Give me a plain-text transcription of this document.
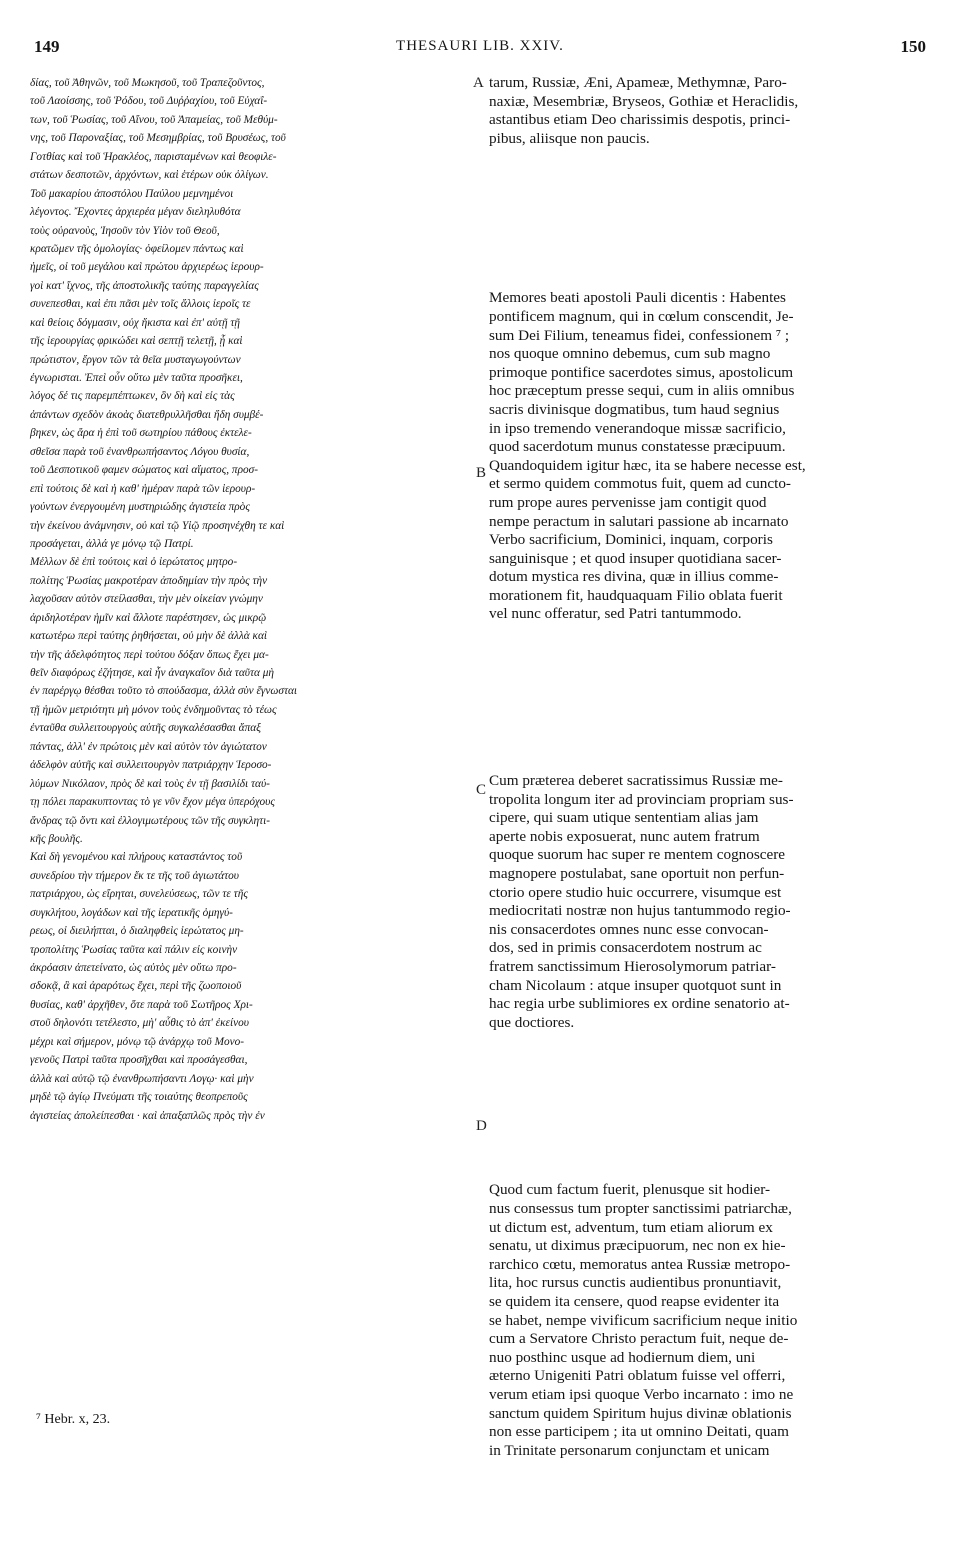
149	THESAURI LIB. XXIV.	150
δίας, τοῦ Ἀθηνῶν, τοῦ Μωκησοῦ, τοῦ Τραπεζοῦντος,
τοῦ Λαοίσσης, τοῦ Ῥόδου, τοῦ Δυῤῥαχίου, τοῦ Εὐχαΐ-
των, τοῦ Ῥωσίας, τοῦ Αἴνου, τοῦ Ἀπαμείας, τοῦ Μεθύμ-
νης, τοῦ Παροναξίας, τοῦ Μεσημβρίας, τοῦ Βρυσέως, τοῦ
Γοτθίας καὶ τοῦ Ἡρακλέος, παρισταμένων καὶ θεοφιλε-
στάτων δεσποτῶν, ἀρχόντων, καὶ ἑτέρων οὐκ ὀλίγων.
Τοῦ μακαρίου ἀποστόλου Παύλου μεμνημένοι
λέγοντος. Ἔχοντες ἀρχιερέα μέγαν διεληλυθότα
τοὺς οὐρανοὺς, Ἰησοῦν τὸν Υἱὸν τοῦ Θεοῦ,
κρατῶμεν τῆς ὁμολογίας· ὀφείλομεν πάντως καὶ
ἡμεῖς, οἱ τοῦ μεγάλου καὶ πρώτου ἀρχιερέως ἱερουρ-
γοὶ κατ' ἴχνος, τῆς ἀποστολικῆς ταύτης παραγγελίας
συνεπεσθαι, καὶ ἐπι πᾶσι μὲν τοῖς ἄλλοις ἱεροῖς τε
καὶ θείοις δόγμασιν, οὐχ ἥκιστα καὶ ἐπ' αὐτῇ τῇ
τῆς ἱερουργίας φρικώδει καὶ σεπτῇ τελετῇ, ᾗ καὶ
πρώτιστον, ἔργον τῶν τὰ θεῖα μυσταγωγούντων
ἐγνωρισται. Ἐπεὶ οὖν οὕτω μὲν ταῦτα προσῆκει,
λόγος δέ τις παρεμπέπτωκεν, ὃν δὴ καὶ εἰς τὰς
ἁπάντων σχεδὸν ἀκοὰς διατεθρυλλῆσθαι ἤδη συμβέ-
βηκεν, ὡς ἄρα ἡ ἐπὶ τοῦ σωτηρίου πάθους ἐκτελε-
σθεῖσα παρὰ τοῦ ἐνανθρωπήσαντος Λόγου θυσία,
τοῦ Δεσποτικοῦ φαμεν σώματος καὶ αἵματος, προσ-
επὶ τούτοις δὲ καὶ ἡ καθ' ἡμέραν παρὰ τῶν ἱερουρ-
γούντων ἐνεργουμένη μυστηριώδης ἁγιστεία πρὸς
τὴν ἐκείνου ἀνάμνησιν, οὐ καὶ τῷ Υἱῷ προσηνέχθη τε καὶ
προσάγεται, ἀλλά γε μόνῳ τῷ Πατρί.
Μέλλων δὲ ἐπὶ τούτοις καὶ ὁ ἱερώτατος μητρο-
πολίτης Ῥωσίας μακροτέραν ἀποδημίαν τὴν πρὸς τὴν
λαχοῦσαν αὐτὸν στείλασθαι, τὴν μὲν οἰκείαν γνώμην
ἀριδηλοτέραν ἡμῖν καὶ ἄλλοτε παρέστησεν, ὡς μικρῷ
κατωτέρω περὶ ταύτης ῥηθήσεται, οὐ μὴν δὲ ἀλλὰ καὶ
τὴν τῆς ἀδελφότητος περὶ τούτου δόξαν ὅπως ἔχει μα-
θεῖν διαφόρως ἐζήτησε, καὶ ἦν ἀναγκαῖον διὰ ταῦτα μὴ
ἐν παρέργῳ θέσθαι τοῦτο τὸ σπούδασμα, ἀλλὰ σὺν ἔγνωσται
τῇ ἡμῶν μετριότητι μὴ μόνον τοὺς ἐνδημοῦντας τὸ τέως
ἐνταῦθα συλλειτουργοὺς αὐτῆς συγκαλέσασθαι ἅπαξ
πάντας, ἀλλ' ἐν πρώτοις μὲν καὶ αὐτὸν τὸν ἁγιώτατον
ἀδελφὸν αὐτῆς καὶ συλλειτουργὸν πατριάρχην Ἱεροσο-
λύμων Νικόλαον, πρὸς δὲ καὶ τοὺς ἐν τῇ βασιλίδι ταύ-
τῃ πόλει παρακυπτοντας τὸ γε νῦν ἔχον μέγα ὑπερόχους
ἄνδρας τῷ ὄντι καὶ ἐλλογιμωτέρους τῶν τῆς συγκλητι-
κῆς βουλῆς.
Καὶ δὴ γενομένου καὶ πλήρους καταστάντος τοῦ
συνεδρίου τὴν τήμερον ἔκ τε τῆς τοῦ ἁγιωτάτου
πατριάρχου, ὡς εἴρηται, συνελεύσεως, τῶν τε τῆς
συγκλήτου, λογάδων καὶ τῆς ἱερατικῆς ὁμηγύ-
ρεως, οἱ διειλήπται, ὁ διαληφθεὶς ἱερώτατος μη-
τροπολίτης Ῥωσίας ταῦτα καὶ πάλιν εἰς κοινὴν
ἀκρόασιν ἀπετείνατο, ὡς αὐτὸς μὲν οὕτω προ-
σδοκᾷ, ἃ καὶ ἀραρότως ἔχει, περὶ τῆς ζωοποιοῦ
θυσίας, καθ' ἀρχῆθεν, ὅτε παρὰ τοῦ Σωτῆρος Χρι-
στοῦ δηλονότι τετέλεστο, μὴ' αὖθις τὸ ἀπ' ἐκείνου
μέχρι καὶ σήμερον, μόνῳ τῷ ἀνάρχῳ τοῦ Μονο-
γενοῦς Πατρὶ ταῦτα προσῆχθαι καὶ προσάγεσθαι,
ἀλλὰ καὶ αὐτῷ τῷ ἐνανθρωπήσαντι Λογῳ· καὶ μὴν
μηδὲ τῷ ἁγίῳ Πνεύματι τῆς τοιαύτης θεοπρεποῦς
ἁγιστείας ἀπολείπεσθαι · καὶ ἁπαξαπλῶς πρὸς τὴν ἐν
tarum, Russiæ, Æni, Apameæ, Methymnæ, Paro-
naxiæ, Mesembriæ, Bryseos, Gothiæ et Heraclidis,
astantibus etiam Deo charissimis despotis, princi-
pibus, aliisque non paucis.
Memores beati apostoli Pauli dicentis : Habentes
pontificem magnum, qui in cœlum conscendit, Je-
sum Dei Filium, teneamus fidei, confessionem ⁷ ;
nos quoque omnino debemus, cum sub magno
primoque pontifice sacerdotes simus, apostolicum
hoc præceptum presse sequi, cum in aliis omnibus
sacris divinisque dogmatibus, tum haud segnius
in ipso tremendo venerandoque missæ sacrificio,
quod sacerdotum munus constatesse præcipuum.
Quandoquidem igitur hæc, ita se habere necesse est,
et sermo quidem commotus fuit, quem ad cuncto-
rum prope aures pervenisse jam contigit quod
nempe peractum in salutari passione ab incarnato
Verbo sacrificium, Dominici, inquam, corporis
sanguinisque ; et quod insuper quotidiana sacer-
dotum mystica res divina, quæ in illius comme-
morationem fit, haudquaquam Filio oblata fuerit
vel nunc offeratur, sed Patri tantummodo.
Cum præterea deberet sacratissimus Russiæ me-
tropolita longum iter ad provinciam propriam sus-
cipere, qui suam utique sententiam alias jam
aperte nobis exposuerat, nunc autem fratrum
quoque suorum hac super re mentem cognoscere
magnopere postulabat, sane oportuit non perfun-
ctorio opere studio huic occurrere, visumque est
mediocritati nostræ non hujus tantummodo regio-
nis consacerdotes omnes nunc esse convocan-
dos, sed in primis consacerdotem nostrum ac
fratrem sanctissimum Hierosolymorum patriar-
cham Nicolaum : atque insuper quotquot sunt in
hac regia urbe sublimiores ex ordine senatorio at-
que doctiores.
Quod cum factum fuerit, plenusque sit hodier-
nus consessus tum propter sanctissimi patriarchæ,
ut dictum est, adventum, tum etiam aliorum ex
senatu, ut diximus præcipuorum, nec non ex hie-
rarchico cœtu, memoratus antea Russiæ metropo-
lita, hoc rursus cunctis audientibus pronuntiavit,
se quidem ita censere, quod reapse evidenter ita
se habet, nempe vivificum sacrificium neque initio
cum a Servatore Christo peractum fuit, neque de-
nuo posthinc usque ad hodiernum diem, uni
æterno Unigeniti Patri oblatum fuisse vel offerri,
verum etiam ipsi quoque Verbo incarnato : imo ne
sanctum quidem Spiritum hujus divinæ oblationis
non esse participem ; ita ut omnino Deitati, quam
in Trinitate personarum conjunctam et unicam
A
B
C
D
⁷ Hebr. x, 23.
